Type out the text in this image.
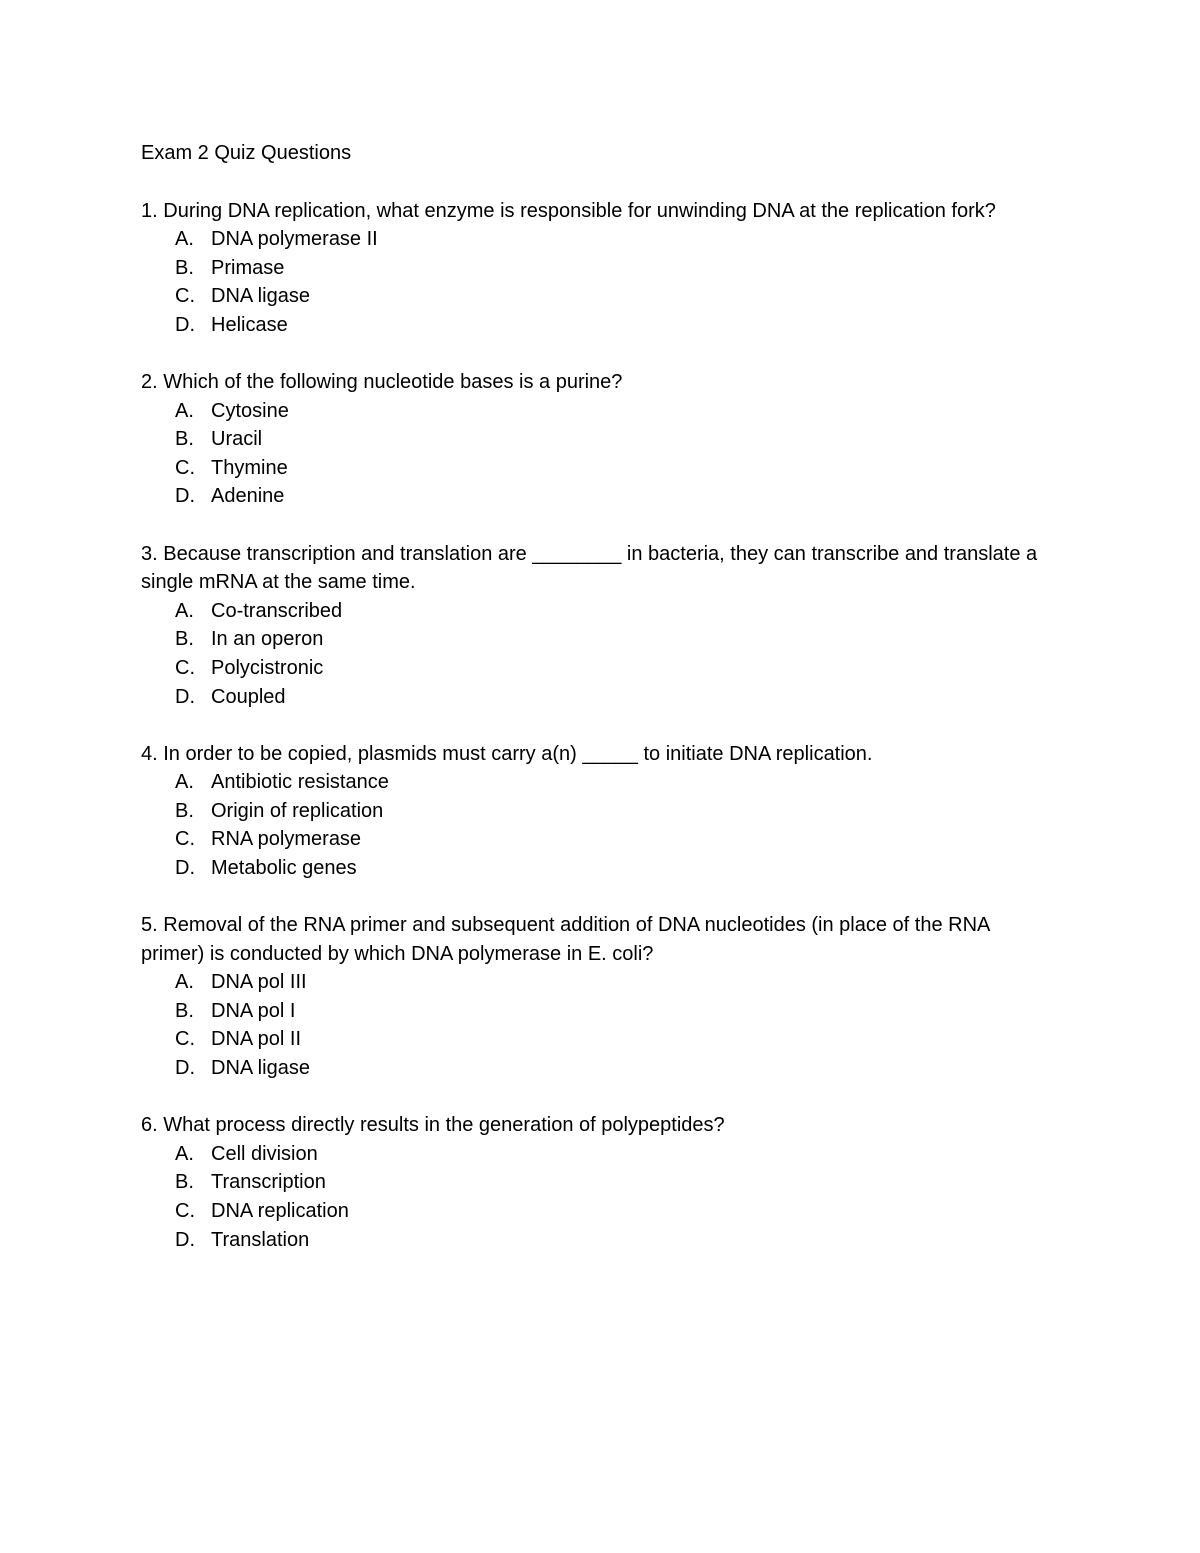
Exam 2 Quiz Questions

1. During DNA replication, what enzyme is responsible for unwinding DNA at the replication fork?

A. DNA polymerase II
B. Primase
C. DNA ligase
D. Helicase

2. Which of the following nucleotide bases is a purine?

A. Cytosine
B. Uracil
C. Thymine
D. Adenine

3. Because transcription and translation are ________ in bacteria, they can transcribe and translate a single mRNA at the same time.

A. Co-transcribed
B. In an operon
C. Polycistronic
D. Coupled

4. In order to be copied, plasmids must carry a(n) _____ to initiate DNA replication.

A. Antibiotic resistance
B. Origin of replication
C. RNA polymerase
D. Metabolic genes

5. Removal of the RNA primer and subsequent addition of DNA nucleotides (in place of the RNA primer) is conducted by which DNA polymerase in E. coli?

A. DNA pol III
B. DNA pol I
C. DNA pol II
D. DNA ligase

6. What process directly results in the generation of polypeptides?

A. Cell division
B. Transcription
C. DNA replication
D. Translation
